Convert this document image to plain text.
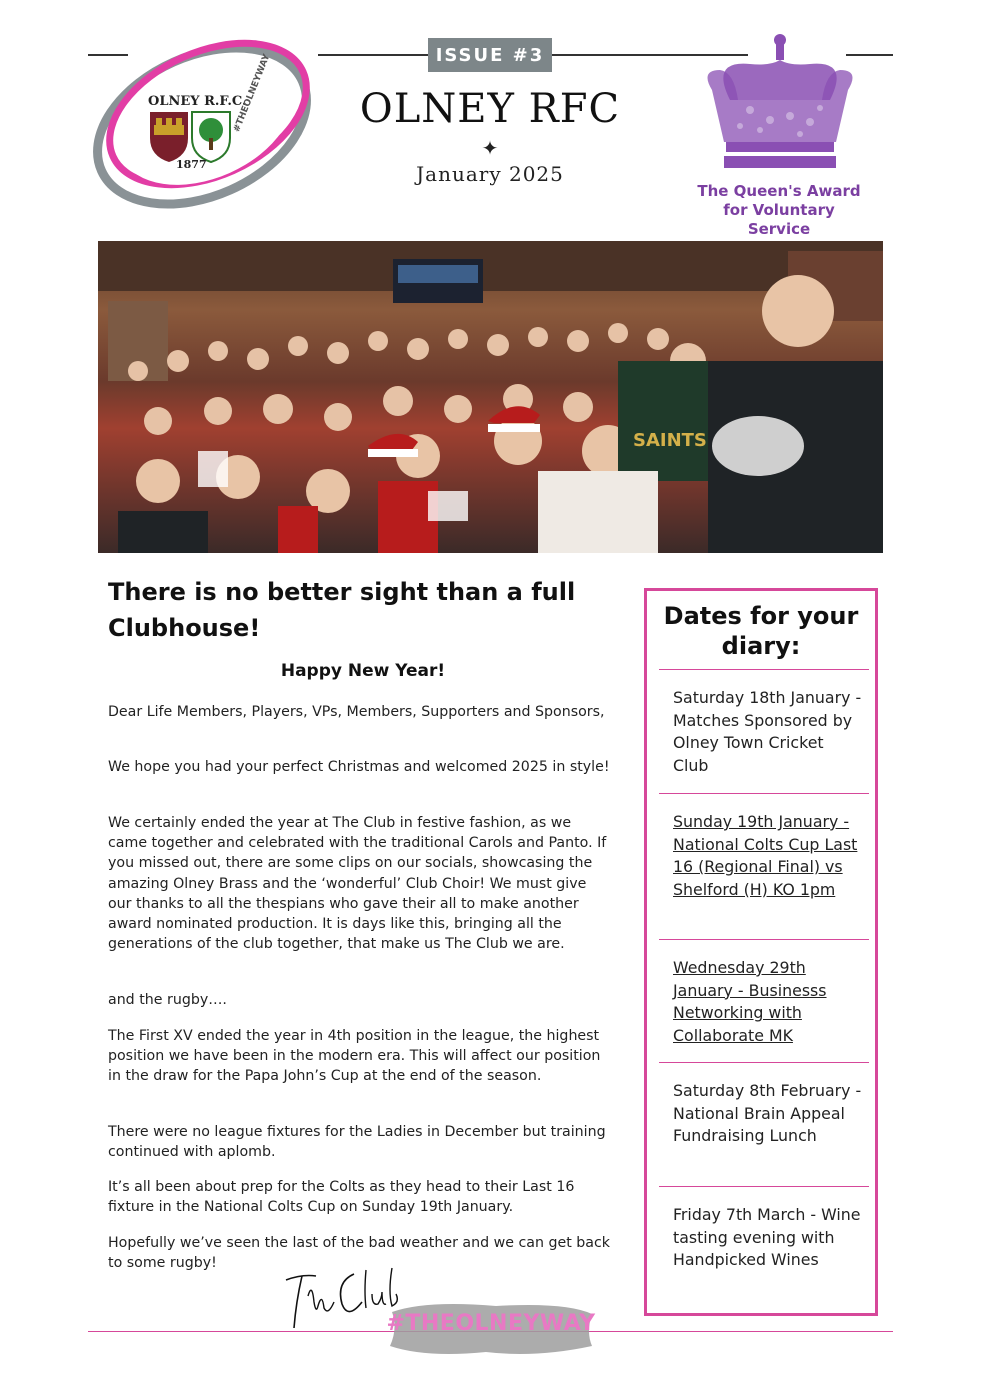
OLNEY R.F.C.
1877
#THEOLNEYWAY	ISSUE #3
OLNEY RFC
✦
January 2025
The Queen's Award
for Voluntary Service
SAINTS
There is no better sight than a full Clubhouse!
Happy New Year!
Dear Life Members, Players, VPs, Members, Supporters and Sponsors,
We hope you had your perfect Christmas and welcomed 2025 in style!
We certainly ended the year at The Club in festive fashion, as we came together and celebrated with the traditional Carols and Panto. If you missed out, there are some clips on our socials, showcasing the amazing Olney Brass and the ‘wonderful’ Club Choir! We must give our thanks to all the thespians who gave their all to make another award nominated production. It is days like this, bringing all the generations of the club together, that make us The Club we are.
and the rugby….
The First XV ended the year in 4th position in the league, the highest position we have been in the modern era. This will affect our position in the draw for the Papa John’s Cup at the end of the season.
There were no league fixtures for the Ladies in December but training continued with aplomb.
It’s all been about prep for the Colts as they head to their Last 16 fixture in the National Colts Cup on Sunday 19th January.
Hopefully we’ve seen the last of the bad weather and we can get back to some rugby!
#THEOLNEYWAY
Dates for your diary:
Saturday 18th January - Matches Sponsored by Olney Town Cricket Club
Sunday 19th January - National Colts Cup Last 16 (Regional Final) vs Shelford (H) KO 1pm
Wednesday 29th January - Businesss Networking with Collaborate MK
Saturday 8th February - National Brain Appeal Fundraising Lunch
Friday 7th March - Wine tasting evening with Handpicked Wines
